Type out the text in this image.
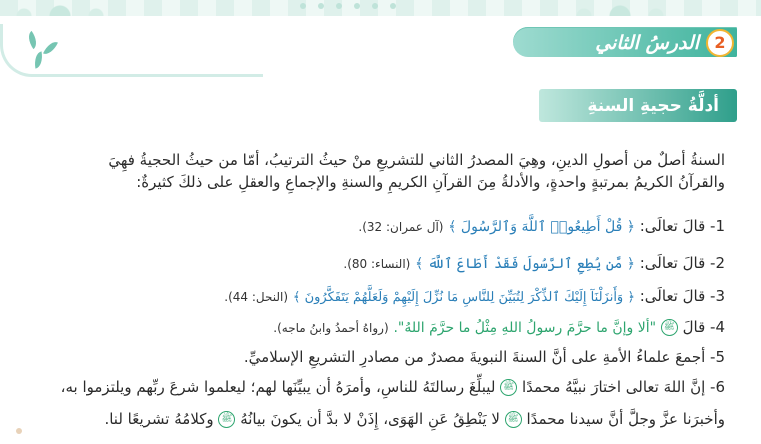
2
الدرسُ الثاني
أدلَّةُ حجيةِ السنةِ
السنةُ أصلٌ من أصولِ الدينِ، وهِيَ المصدرُ الثاني للتشريعِ منْ حيثُ الترتيبُ، أمّا من حيثُ الحجيةُ فهِيَ
والقرآنُ الكريمُ بمرتبةٍ واحدةٍ، والأدلةُ مِنَ القرآنِ الكريمِ والسنةِ والإجماعِ والعقلِ على ذلكَ كثيرةٌ:
1- قالَ تعالَى: ﴿ قُلْ أَطِيعُوا۟ ٱللَّهَ وَٱلرَّسُولَ ﴾ (آل عمران: 32).
2- قالَ تعالَى: ﴿ مَّن يُطِعِ ٱلرَّسُولَ فَقَدْ أَطَاعَ ٱللَّهَ ﴾ (النساء: 80).
3- قالَ تعالَى: ﴿ وَأَنزَلْنَآ إِلَيْكَ ٱلذِّكْرَ لِتُبَيِّنَ لِلنَّاسِ مَا نُزِّلَ إِلَيْهِمْ وَلَعَلَّهُمْ يَتَفَكَّرُونَ ﴾ (النحل: 44).
4- قالَ ﷺ "ألا وإنَّ ما حرَّمَ رسولُ اللهِ مِثْلُ ما حرَّمَ اللهُ". (رواهُ أحمدُ وابنُ ماجه).
5- أجمعَ علماءُ الأمةِ على أنَّ السنةَ النبويةَ مصدرٌ من مصادرِ التشريعِ الإسلاميِّ.
6- إنَّ اللهَ تعالى اختارَ نبيَّهُ محمدًا ﷺ ليبلِّغَ رسالتَهُ للناسِ، وأمرَهُ أن يبيِّنَها لهم؛ ليعلموا شرعَ ربِّهم ويلتزموا به،
وأخبرَنا عزَّ وجلَّ أنَّ سيدنا محمدًا ﷺ لا يَنْطِقُ عَنِ الهَوَى، إِذَنْ لا بدَّ أن يكونَ بيانُهُ ﷺ وكلامُهُ تشريعًا لنا.
